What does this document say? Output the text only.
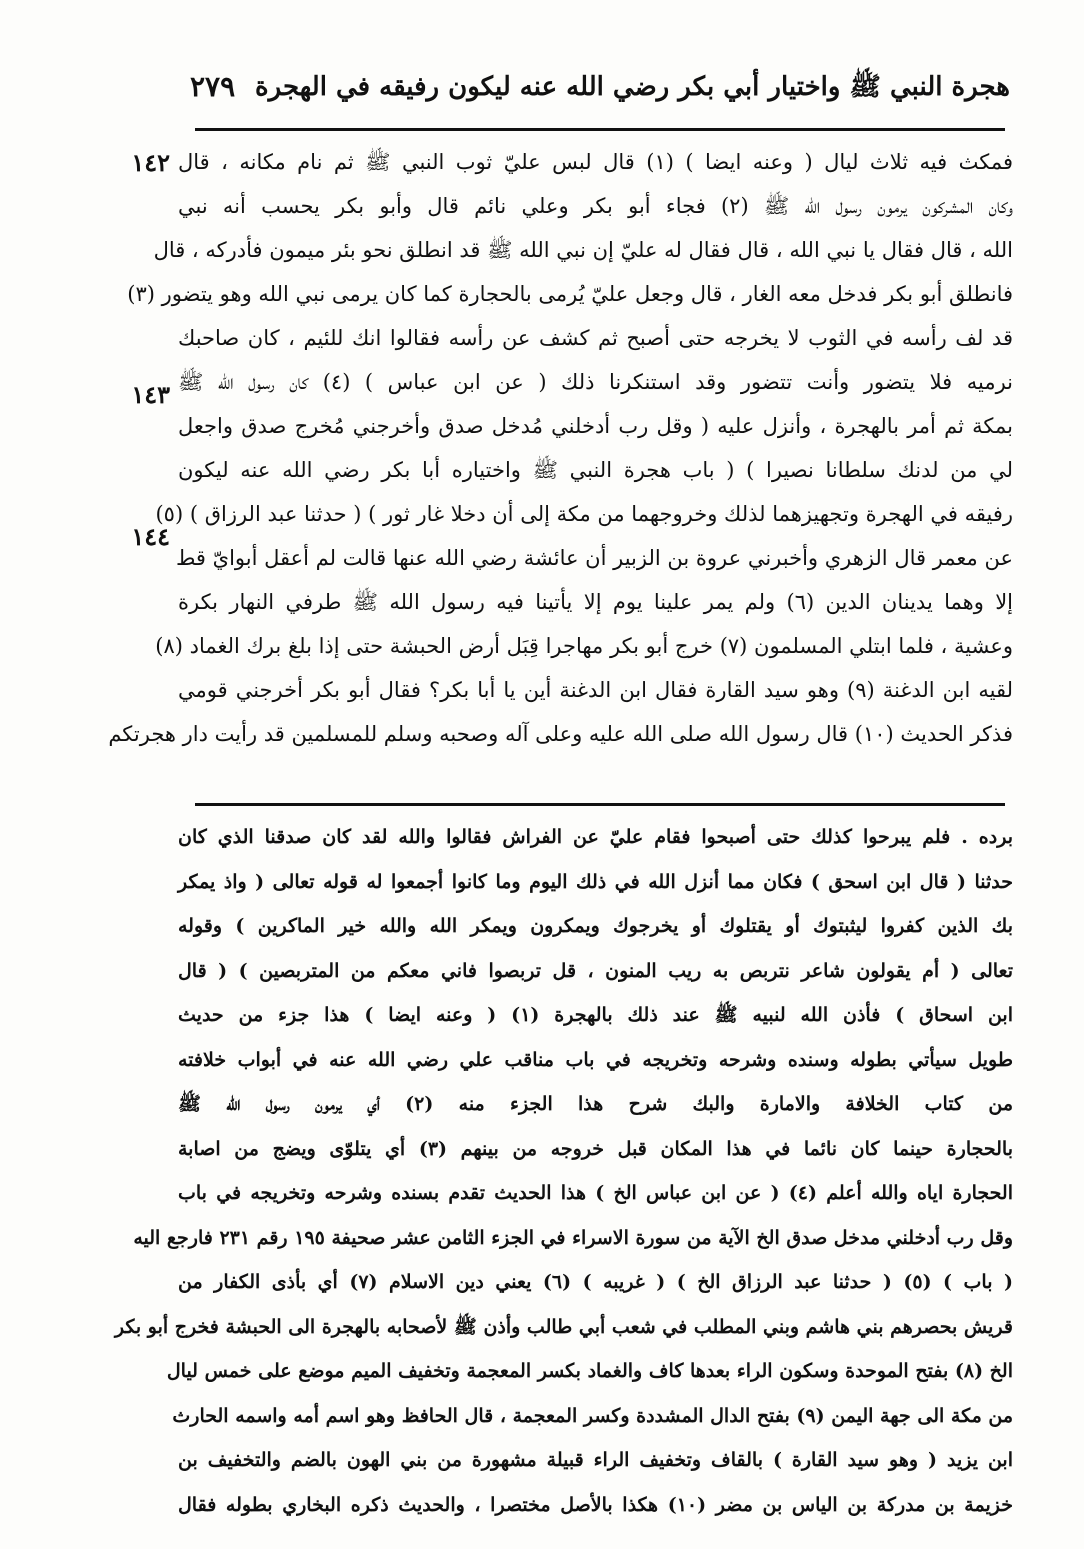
هجرة النبي ﷺ واختيار أبي بكر رضي الله عنه ليكون رفيقه في الهجرة
٢٧٩
١٤٢
١٤٣
١٤٤
فمكث فيه ثلاث ليال ( وعنه ايضا ) (١) قال لبس عليّ ثوب النبي ﷺ ثم نام مكانه ، قال
وكان المشركون يرمون رسول الله ﷺ (٢) فجاء أبو بكر وعلي نائم قال وأبو بكر يحسب أنه نبي
الله ، قال فقال يا نبي الله ، قال فقال له عليّ إن نبي الله ﷺ قد انطلق نحو بئر ميمون فأدركه ، قال
فانطلق أبو بكر فدخل معه الغار ، قال وجعل عليّ يُرمى بالحجارة كما كان يرمى نبي الله وهو يتضور (٣)
قد لف رأسه في الثوب لا يخرجه حتى أصبح ثم كشف عن رأسه فقالوا انك للئيم ، كان صاحبك
نرميه فلا يتضور وأنت تتضور وقد استنكرنا ذلك ( عن ابن عباس ) (٤) كان رسول الله ﷺ
بمكة ثم أمر بالهجرة ، وأنزل عليه ( وقل رب أدخلني مُدخل صدق وأخرجني مُخرج صدق واجعل
لي من لدنك سلطانا نصيرا ) ( باب هجرة النبي ﷺ واختياره أبا بكر رضي الله عنه ليكون
رفيقه في الهجرة وتجهيزهما لذلك وخروجهما من مكة إلى أن دخلا غار ثور ) ( حدثنا عبد الرزاق ) (٥)
عن معمر قال الزهري وأخبرني عروة بن الزبير أن عائشة رضي الله عنها قالت لم أعقل أبوايّ قط
إلا وهما يدينان الدين (٦) ولم يمر علينا يوم إلا يأتينا فيه رسول الله ﷺ طرفي النهار بكرة
وعشية ، فلما ابتلي المسلمون (٧) خرج أبو بكر مهاجرا قِبَل أرض الحبشة حتى إذا بلغ برك الغماد (٨)
لقيه ابن الدغنة (٩) وهو سيد القارة فقال ابن الدغنة أين يا أبا بكر؟ فقال أبو بكر أخرجني قومي
فذكر الحديث (١٠) قال رسول الله صلى الله عليه وعلى آله وصحبه وسلم للمسلمين قد رأيت دار هجرتكم
برده . فلم يبرحوا كذلك حتى أصبحوا فقام عليّ عن الفراش فقالوا والله لقد كان صدقنا الذي كان
حدثنا ( قال ابن اسحق ) فكان مما أنزل الله في ذلك اليوم وما كانوا أجمعوا له قوله تعالى ( واذ يمكر
بك الذين كفروا ليثبتوك أو يقتلوك أو يخرجوك ويمكرون ويمكر الله والله خير الماكرين ) وقوله
تعالى ( أم يقولون شاعر نتربص به ريب المنون ، قل تربصوا فاني معكم من المتربصين ) ( قال
ابن اسحاق ) فأذن الله لنبيه ﷺ عند ذلك بالهجرة (١) ( وعنه ايضا ) هذا جزء من حديث
طويل سيأتي بطوله وسنده وشرحه وتخريجه في باب مناقب علي رضي الله عنه في أبواب خلافته
من كتاب الخلافة والامارة والبك شرح هذا الجزء منه (٢) أي يرمون رسول الله ﷺ
بالحجارة حينما كان نائما في هذا المكان قبل خروجه من بينهم (٣) أي يتلوّى ويضج من اصابة
الحجارة اياه والله أعلم (٤) ( عن ابن عباس الخ ) هذا الحديث تقدم بسنده وشرحه وتخريجه في باب
وقل رب أدخلني مدخل صدق الخ الآية من سورة الاسراء في الجزء الثامن عشر صحيفة ١٩٥ رقم ٢٣١ فارجع اليه
( باب ) (٥) ( حدثنا عبد الرزاق الخ ) ( غريبه ) (٦) يعني دين الاسلام (٧) أي بأذى الكفار من
قريش بحصرهم بني هاشم وبني المطلب في شعب أبي طالب وأذن ﷺ لأصحابه بالهجرة الى الحبشة فخرج أبو بكر
الخ (٨) بفتح الموحدة وسكون الراء بعدها كاف والغماد بكسر المعجمة وتخفيف الميم موضع على خمس ليال
من مكة الى جهة اليمن (٩) بفتح الدال المشددة وكسر المعجمة ، قال الحافظ وهو اسم أمه واسمه الحارث
ابن يزيد ( وهو سيد القارة ) بالقاف وتخفيف الراء قبيلة مشهورة من بني الهون بالضم والتخفيف بن
خزيمة بن مدركة بن الياس بن مضر (١٠) هكذا بالأصل مختصرا ، والحديث ذكره البخاري بطوله فقال
